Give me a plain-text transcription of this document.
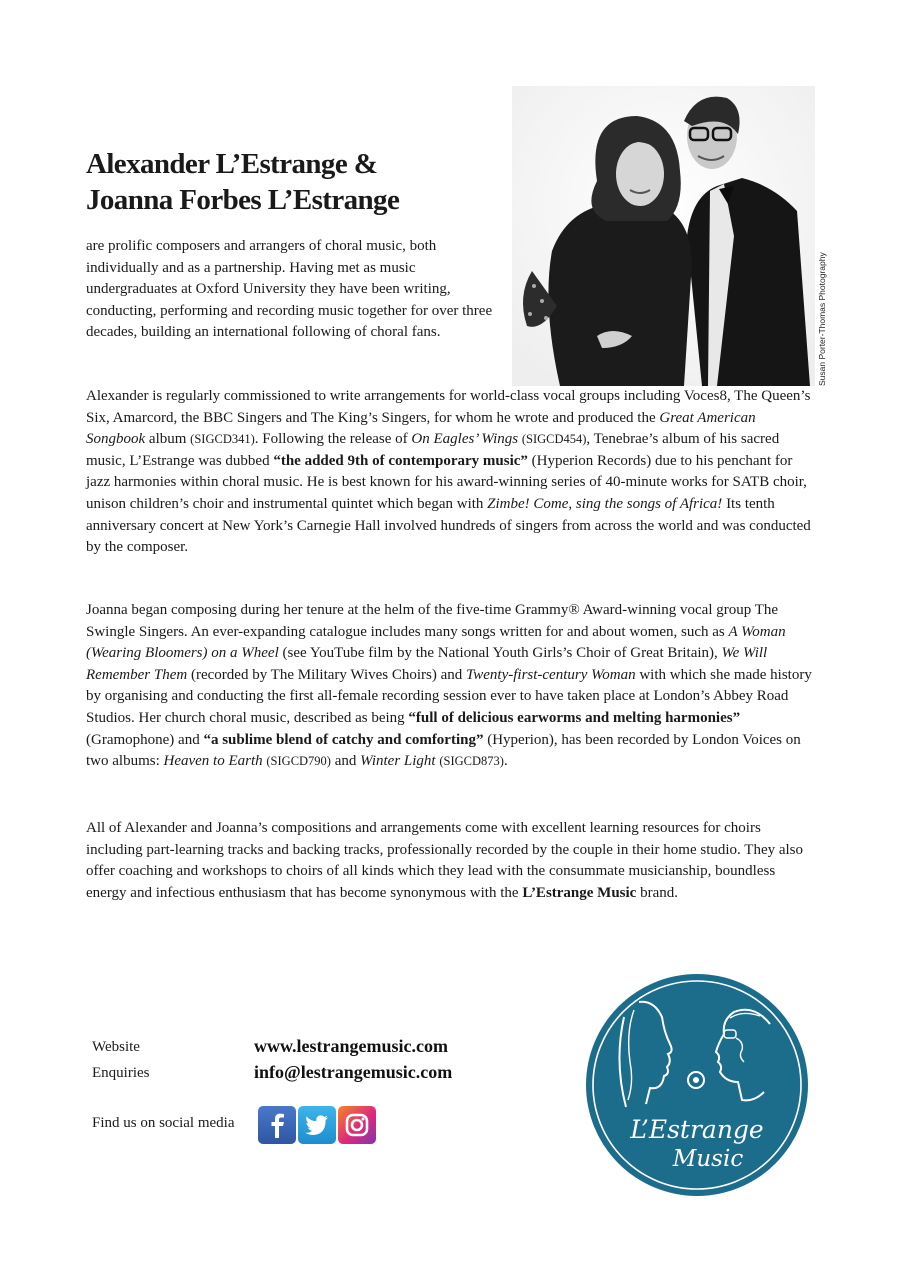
Alexander L’Estrange &
Joanna Forbes L’Estrange
Susan Porter-Thomas Photography

are prolific composers and arrangers of choral music, both individually and as a partnership. Having met as music undergraduates at Oxford University they have been writing, conducting, performing and recording music together for over three decades, building an international following of choral fans.

Alexander is regularly commissioned to write arrangements for world-class vocal groups including Voces8, The Queen’s Six, Amarcord, the BBC Singers and The King’s Singers, for whom he wrote and produced the Great American Songbook album (SIGCD341). Following the release of On Eagles’ Wings (SIGCD454), Tenebrae’s album of his sacred music, L’Estrange was dubbed “the added 9th of contemporary music” (Hyperion Records) due to his penchant for jazz harmonies within choral music. He is best known for his award-winning series of 40-minute works for SATB choir, unison children’s choir and instrumental quintet which began with Zimbe! Come, sing the songs of Africa! Its tenth anniversary concert at New York’s Carnegie Hall involved hundreds of singers from across the world and was conducted by the composer.

Joanna began composing during her tenure at the helm of the five-time Grammy® Award-winning vocal group The Swingle Singers. An ever-expanding catalogue includes many songs written for and about women, such as A Woman (Wearing Bloomers) on a Wheel (see YouTube film by the National Youth Girls’s Choir of Great Britain), We Will Remember Them (recorded by The Military Wives Choirs) and Twenty-first-century Woman with which she made history by organising and conducting the first all-female recording session ever to have taken place at London’s Abbey Road Studios. Her church choral music, described as being “full of delicious earworms and melting harmonies” (Gramophone) and “a sublime blend of catchy and comforting” (Hyperion), has been recorded by London Voices on two albums: Heaven to Earth (SIGCD790) and Winter Light (SIGCD873).

All of Alexander and Joanna’s compositions and arrangements come with excellent learning resources for choirs including part-learning tracks and backing tracks, professionally recorded by the couple in their home studio. They also offer coaching and workshops to choirs of all kinds which they lead with the consummate musicianship, boundless energy and infectious enthusiasm that has become synonymous with the L’Estrange Music brand.

Website	www.lestrangemusic.com

Enquiries	info@lestrangemusic.com

Find us on social media	L’Estrange
Music
